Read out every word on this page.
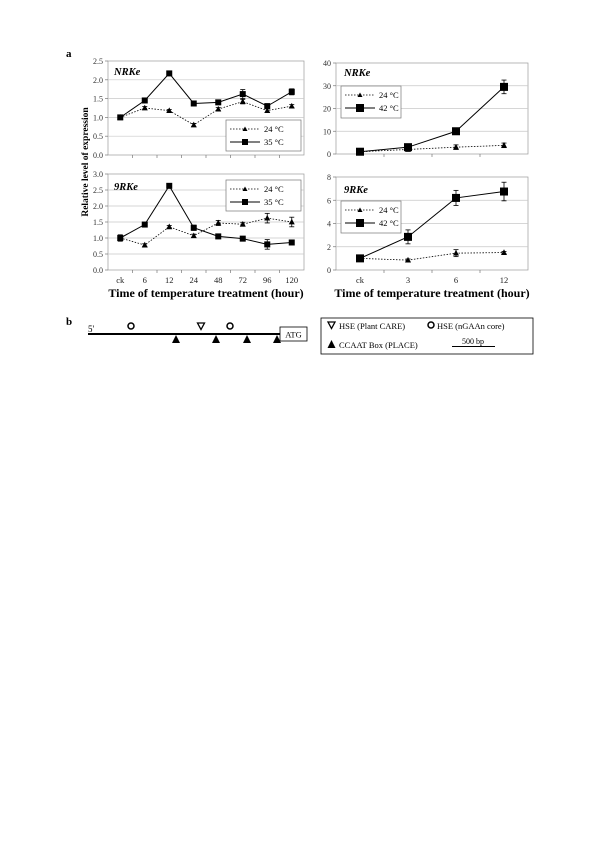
a
b
0.0
0.5
1.0
1.5
2.0
2.5
NRKe
24 °C
35 °C
0.0
0.5
1.0
1.5
2.0
2.5
3.0
ck 6 12 24 48 72 96 120
9RKe	24 °C
35 °C
0
10
20
30
40
NRKe
24 °C
42 °C
0
2
4
6
8
ck	3	6	12
9RKe
24 °C
42 °C
Relative level of expression
Time of temperature treatment (hour)	Time of temperature treatment (hour)
5'
ATG
HSE (Plant CARE)	HSE (nGAAn core)
CCAAT Box (PLACE)	500 bp
